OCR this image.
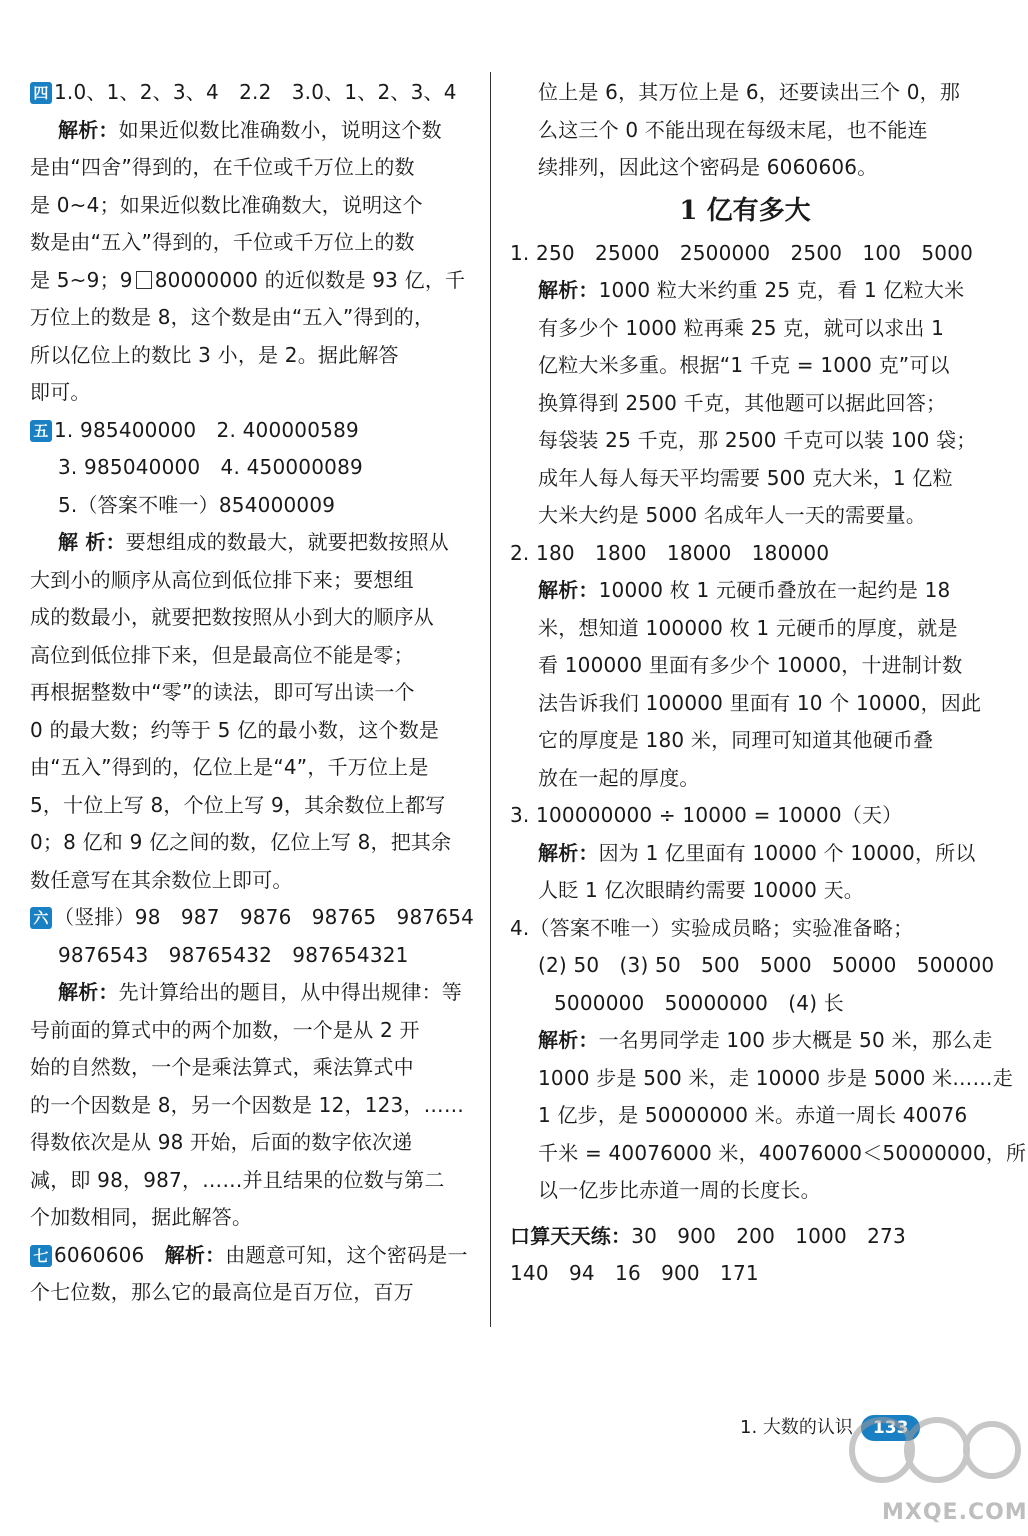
四 1.0、1、2、3、4　2.2　3.0、1、2、3、4
解析：如果近似数比准确数小，说明这个数
是由“四舍”得到的，在千位或千万位上的数
是 0~4；如果近似数比准确数大，说明这个
数是由“五入”得到的，千位或千万位上的数
是 5~9；9 80000000 的近似数是 93 亿，千
万位上的数是 8，这个数是由“五入”得到的，
所以亿位上的数比 3 小，是 2。据此解答
即可。
五 1. 985400000　2. 400000589
3. 985040000　4. 450000089
5.（答案不唯一）854000009
解 析：要想组成的数最大，就要把数按照从
大到小的顺序从高位到低位排下来；要想组
成的数最小，就要把数按照从小到大的顺序从
高位到低位排下来，但是最高位不能是零；
再根据整数中“零”的读法，即可写出读一个
0 的最大数；约等于 5 亿的最小数，这个数是
由“五入”得到的，亿位上是“4”，千万位上是
5，十位上写 8，个位上写 9，其余数位上都写
0；8 亿和 9 亿之间的数，亿位上写 8，把其余
数任意写在其余数位上即可。
六 （竖排）98　987　9876　98765　987654
9876543　98765432　987654321
解析：先计算给出的题目，从中得出规律：等
号前面的算式中的两个加数，一个是从 2 开
始的自然数，一个是乘法算式，乘法算式中
的一个因数是 8，另一个因数是 12，123，……
得数依次是从 98 开始，后面的数字依次递
减，即 98，987，……并且结果的位数与第二
个加数相同，据此解答。
七 6060606　 解析：由题意可知，这个密码是一
个七位数，那么它的最高位是百万位，百万
位上是 6，其万位上是 6，还要读出三个 0，那
么这三个 0 不能出现在每级末尾，也不能连
续排列，因此这个密码是 6060606。
1 亿有多大
1. 250　25000　2500000　2500　100　5000
解析：1000 粒大米约重 25 克，看 1 亿粒大米
有多少个 1000 粒再乘 25 克，就可以求出 1
亿粒大米多重。根据“1 千克 = 1000 克”可以
换算得到 2500 千克，其他题可以据此回答；
每袋装 25 千克，那 2500 千克可以装 100 袋；
成年人每人每天平均需要 500 克大米，1 亿粒
大米大约是 5000 名成年人一天的需要量。
2. 180　1800　18000　180000
解析：10000 枚 1 元硬币叠放在一起约是 18
米，想知道 100000 枚 1 元硬币的厚度，就是
看 100000 里面有多少个 10000，十进制计数
法告诉我们 100000 里面有 10 个 10000，因此
它的厚度是 180 米，同理可知道其他硬币叠
放在一起的厚度。
3. 100000000 ÷ 10000 = 10000（天）
解析：因为 1 亿里面有 10000 个 10000，所以
人眨 1 亿次眼睛约需要 10000 天。
4.（答案不唯一）实验成员略；实验准备略；
(2) 50　(3) 50　500　5000　50000　500000
5000000　50000000　(4) 长
解析：一名男同学走 100 步大概是 50 米，那么走
1000 步是 500 米，走 10000 步是 5000 米……走
1 亿步，是 50000000 米。赤道一周长 40076
千米 = 40076000 米，40076000＜50000000，所
以一亿步比赤道一周的长度长。
口算天天练：30　900　200　1000　273
140　94　16　900　171
1. 大数的认识 133
MXQE.COM
